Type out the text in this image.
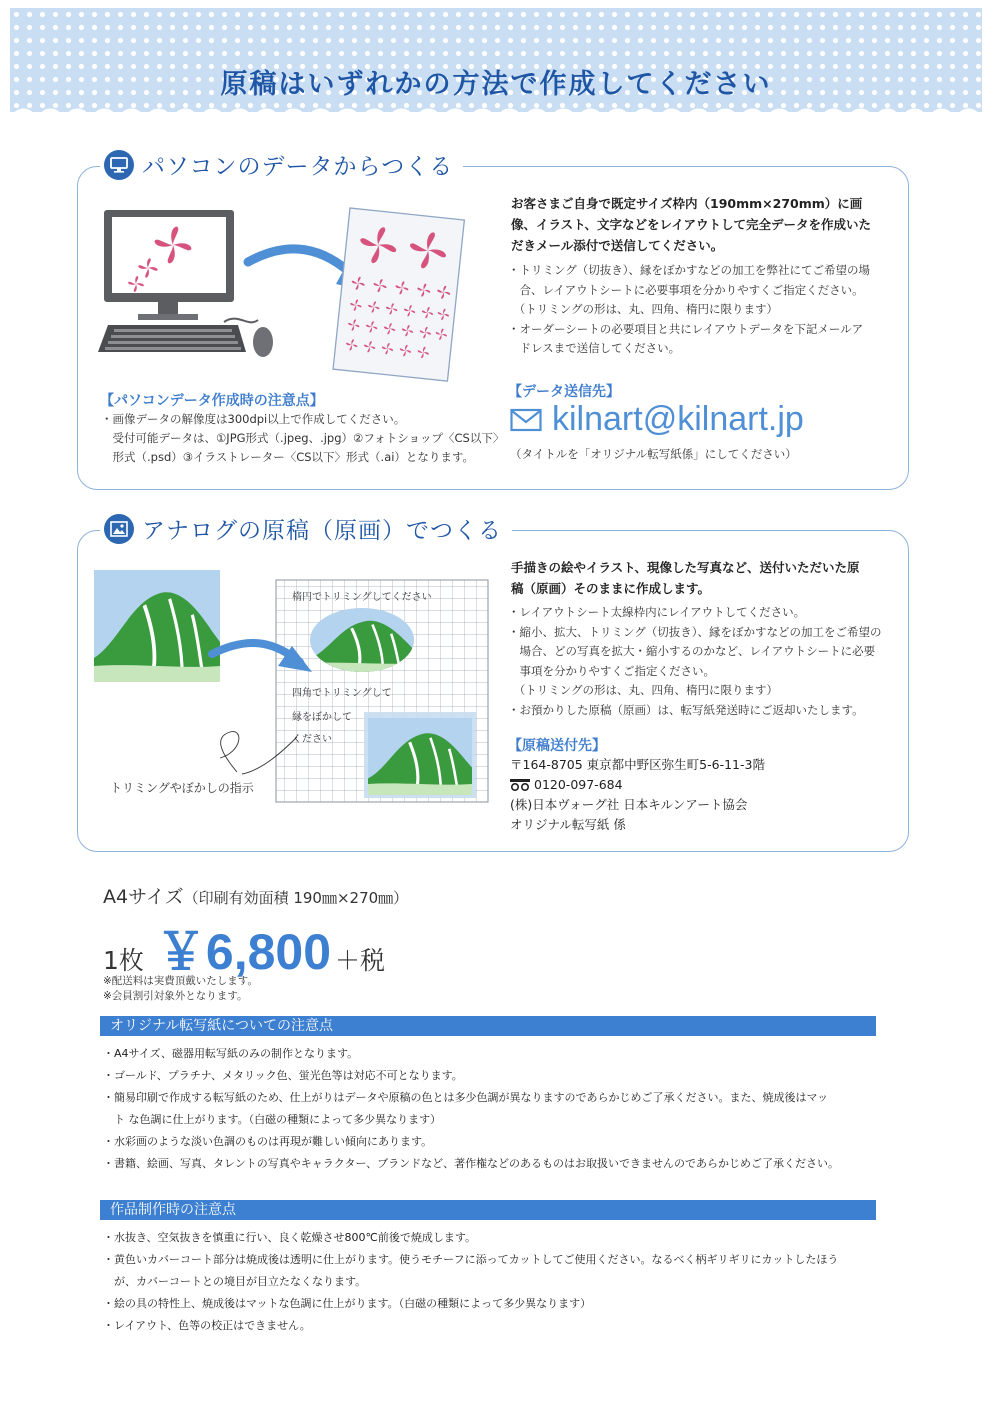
原稿はいずれかの方法で作成してください
パソコンのデータからつくる
お客さまご自身で既定サイズ枠内（190mm×270mm）に画
像、イラスト、文字などをレイアウトして完全データを作成いた
だきメール添付で送信してください。
・トリミング（切抜き）、縁をぼかすなどの加工を弊社にてご希望の場
　合、レイアウトシートに必要事項を分かりやすくご指定ください。
　（トリミングの形は、丸、四角、楕円に限ります）
・オーダーシートの必要項目と共にレイアウトデータを下記メールア
　ドレスまで送信してください。
【パソコンデータ作成時の注意点】
・画像データの解像度は300dpi以上で作成してください。
　受付可能データは、①JPG形式（.jpeg、.jpg）②フォトショップ〈CS以下〉
　形式（.psd）③イラストレーター〈CS以下〉形式（.ai）となります。
【データ送信先】
kilnart@kilnart.jp
（タイトルを「オリジナル転写紙係」にしてください）
アナログの原稿（原画）でつくる
楕円でトリミングしてください
四角でトリミングして
縁をぼかして
ください
トリミングやぼかしの指示
手描きの絵やイラスト、現像した写真など、送付いただいた原
稿（原画）そのままに作成します。
・レイアウトシート太線枠内にレイアウトしてください。
・縮小、拡大、トリミング（切抜き）、縁をぼかすなどの加工をご希望の
　場合、どの写真を拡大・縮小するのかなど、レイアウトシートに必要
　事項を分かりやすくご指定ください。
　（トリミングの形は、丸、四角、楕円に限ります）
・お預かりした原稿（原画）は、転写紙発送時にご返却いたします。
【原稿送付先】
〒164-8705 東京都中野区弥生町5-6-11-3階
0120-097-684
(株)日本ヴォーグ社 日本キルンアート協会
オリジナル転写紙 係
A4サイズ（印刷有効面積 190㎜×270㎜）
1枚 ￥6,800 ＋税
※配送料は実費頂戴いたします。
※会員割引対象外となります。
オリジナル転写紙についての注意点
・A4サイズ、磁器用転写紙のみの制作となります。
・ゴールド、プラチナ、メタリック色、蛍光色等は対応不可となります。
・簡易印刷で作成する転写紙のため、仕上がりはデータや原稿の色とは多少色調が異なりますのであらかじめご了承ください。また、焼成後はマッ
　ト な色調に仕上がります。（白磁の種類によって多少異なります）
・水彩画のような淡い色調のものは再現が難しい傾向にあります。
・書籍、絵画、写真、タレントの写真やキャラクター、ブランドなど、著作権などのあるものはお取扱いできませんのであらかじめご了承ください。
作品制作時の注意点
・水抜き、空気抜きを慎重に行い、良く乾燥させ800℃前後で焼成します。
・黄色いカバーコート部分は焼成後は透明に仕上がります。使うモチーフに添ってカットしてご使用ください。なるべく柄ギリギリにカットしたほう
　が、カバーコートとの境目が目立たなくなります。
・絵の具の特性上、焼成後はマットな色調に仕上がります。（白磁の種類によって多少異なります）
・レイアウト、色等の校正はできません。
